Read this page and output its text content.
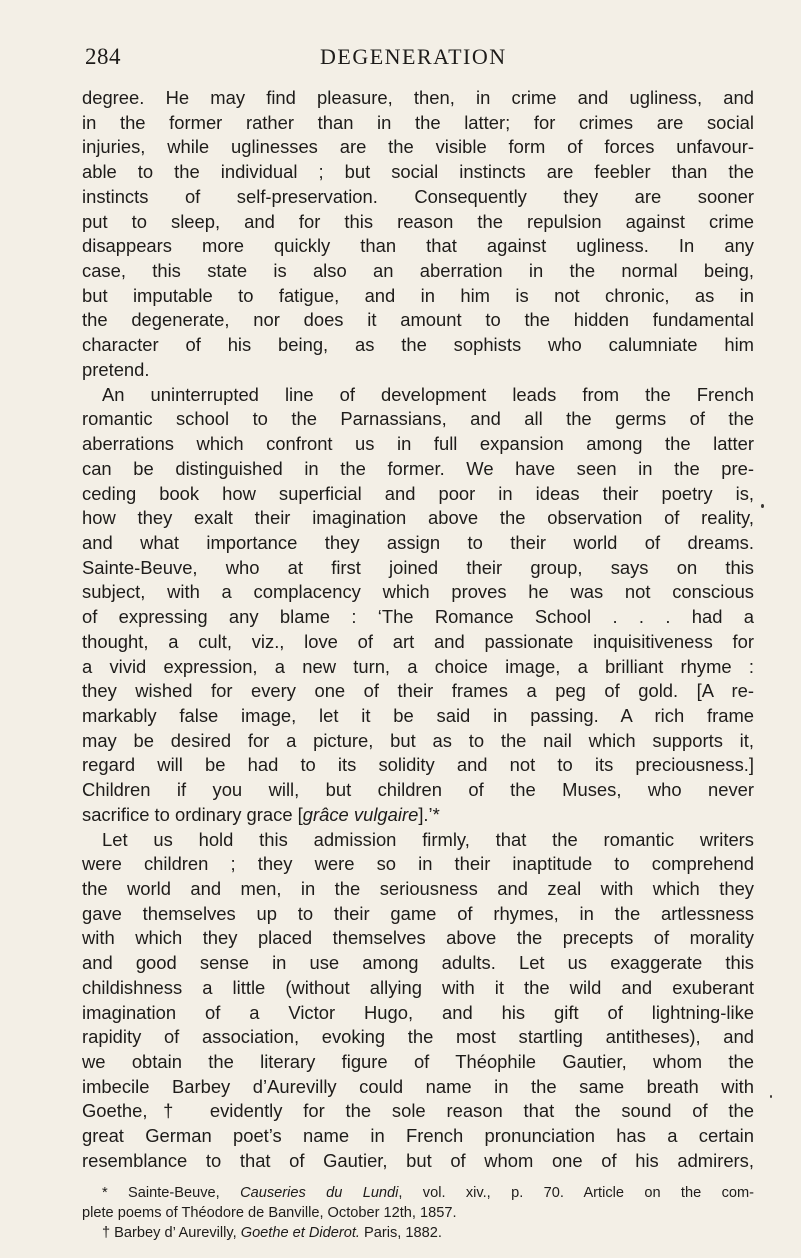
284	DEGENERATION
degree. He may find pleasure, then, in crime and ugliness, and
in the former rather than in the latter; for crimes are social
injuries, while uglinesses are the visible form of forces unfavour-
able to the individual ; but social instincts are feebler than the
instincts of self-preservation. Consequently they are sooner
put to sleep, and for this reason the repulsion against crime
disappears more quickly than that against ugliness. In any
case, this state is also an aberration in the normal being,
but imputable to fatigue, and in him is not chronic, as in
the degenerate, nor does it amount to the hidden fundamental
character of his being, as the sophists who calumniate him
pretend.
An uninterrupted line of development leads from the French
romantic school to the Parnassians, and all the germs of the
aberrations which confront us in full expansion among the latter
can be distinguished in the former. We have seen in the pre-
ceding book how superficial and poor in ideas their poetry is,
how they exalt their imagination above the observation of reality,
and what importance they assign to their world of dreams.
Sainte-Beuve, who at first joined their group, says on this
subject, with a complacency which proves he was not conscious
of expressing any blame : ‘The Romance School . . . had a
thought, a cult, viz., love of art and passionate inquisitiveness for
a vivid expression, a new turn, a choice image, a brilliant rhyme :
they wished for every one of their frames a peg of gold. [A re-
markably false image, let it be said in passing. A rich frame
may be desired for a picture, but as to the nail which supports it,
regard will be had to its solidity and not to its preciousness.]
Children if you will, but children of the Muses, who never
sacrifice to ordinary grace [grâce vulgaire].’*
Let us hold this admission firmly, that the romantic writers
were children ; they were so in their inaptitude to comprehend
the world and men, in the seriousness and zeal with which they
gave themselves up to their game of rhymes, in the artlessness
with which they placed themselves above the precepts of morality
and good sense in use among adults. Let us exaggerate this
childishness a little (without allying with it the wild and exuberant
imagination of a Victor Hugo, and his gift of lightning-like
rapidity of association, evoking the most startling antitheses), and
we obtain the literary figure of Théophile Gautier, whom the
imbecile Barbey d’Aurevilly could name in the same breath with
Goethe,† evidently for the sole reason that the sound of the
great German poet’s name in French pronunciation has a certain
resemblance to that of Gautier, but of whom one of his admirers,
* Sainte-Beuve, Causeries du Lundi, vol. xiv., p. 70. Article on the com-
plete poems of Théodore de Banville, October 12th, 1857.
† Barbey d’ Aurevilly, Goethe et Diderot. Paris, 1882.
